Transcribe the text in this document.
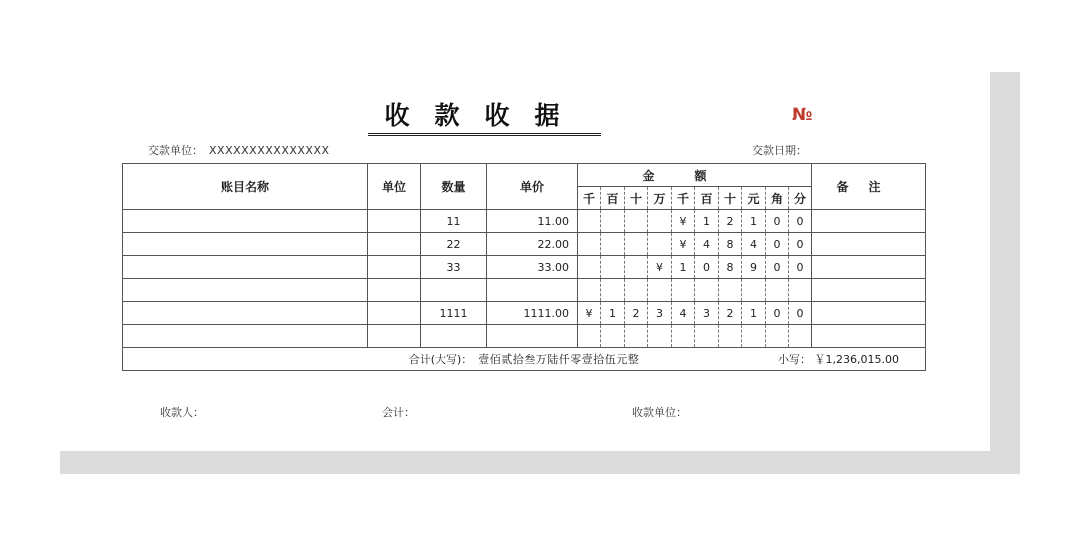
收款收据	№
交款单位： XXXXXXXXXXXXXXX	交款日期：
账目名称	单位	数量	单价	金额										备注
				千	百	十	万	千	百	十	元	角	分	
		11	11.00					¥	1	2	1	0	0	
		22	22.00					¥	4	8	4	0	0	
		33	33.00				¥	1	0	8	9	0	0	

		1111	1111.00	¥	1	2	3	4	3	2	1	0	0	

合计(大写)： 壹佰贰拾叁万陆仟零壹拾伍元整 小写： ￥1,236,015.00														
收款人：	会计：	收款单位：
